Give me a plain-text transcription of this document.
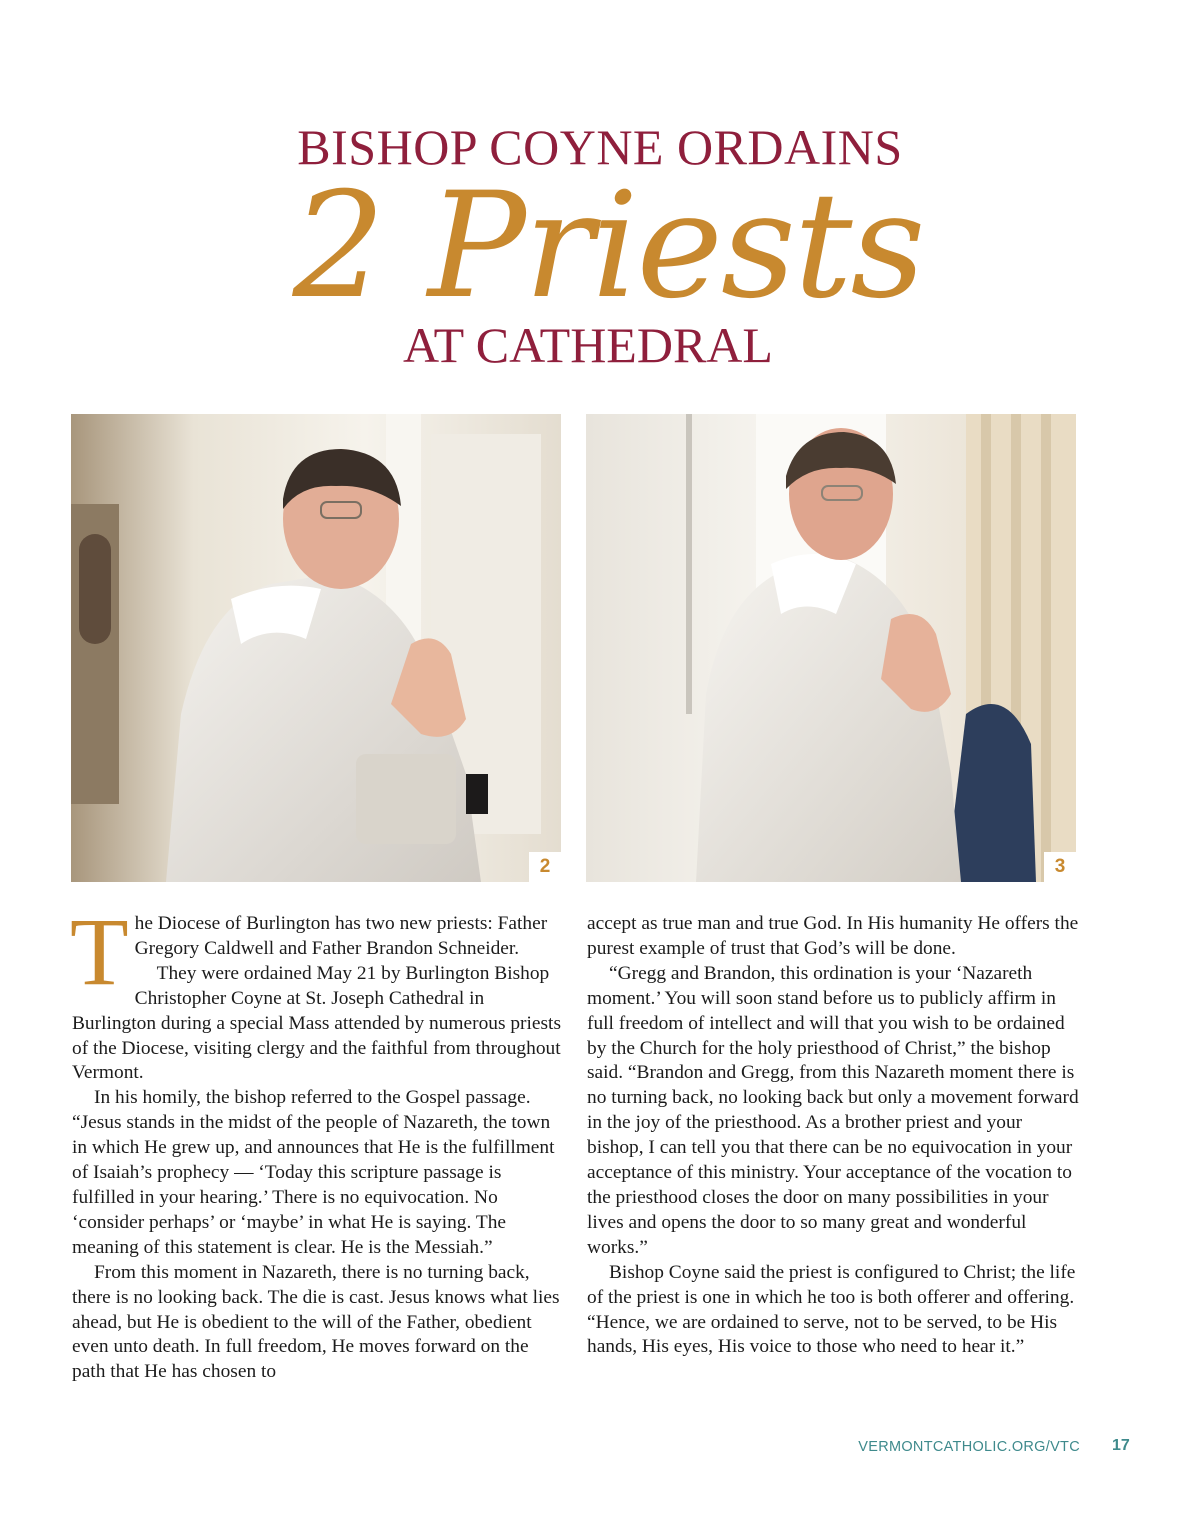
BISHOP COYNE ORDAINS
2 Priests
AT CATHEDRAL
2	3

The Diocese of Burlington has two new priests: Father Gregory Caldwell and Father Brandon Schneider.

They were ordained May 21 by Burlington Bishop Christopher Coyne at St. Joseph Cathedral in Burlington during a special Mass attended by numerous priests of the Diocese, visiting clergy and the faithful from throughout Vermont.

In his homily, the bishop referred to the Gospel passage. “Jesus stands in the midst of the people of Nazareth, the town in which He grew up, and announces that He is the fulfillment of Isaiah’s prophecy — ‘Today this scripture passage is fulfilled in your hearing.’ There is no equivocation. No ‘consider perhaps’ or ‘maybe’ in what He is saying. The meaning of this statement is clear. He is the Messiah.”

From this moment in Nazareth, there is no turning back, there is no looking back. The die is cast. Jesus knows what lies ahead, but He is obedient to the will of the Father, obedient even unto death. In full freedom, He moves forward on the path that He has chosen to

accept as true man and true God. In His humanity He offers the purest example of trust that God’s will be done.

“Gregg and Brandon, this ordination is your ‘Nazareth moment.’ You will soon stand before us to publicly affirm in full freedom of intellect and will that you wish to be ordained by the Church for the holy priesthood of Christ,” the bishop said. “Brandon and Gregg, from this Nazareth moment there is no turning back, no looking back but only a movement forward in the joy of the priesthood. As a brother priest and your bishop, I can tell you that there can be no equivocation in your acceptance of this ministry. Your acceptance of the vocation to the priesthood closes the door on many possibilities in your lives and opens the door to so many great and wonderful works.”

Bishop Coyne said the priest is configured to Christ; the life of the priest is one in which he too is both offerer and offering. “Hence, we are ordained to serve, not to be served, to be His hands, His eyes, His voice to those who need to hear it.”

VERMONTCATHOLIC.ORG/VTC 17
